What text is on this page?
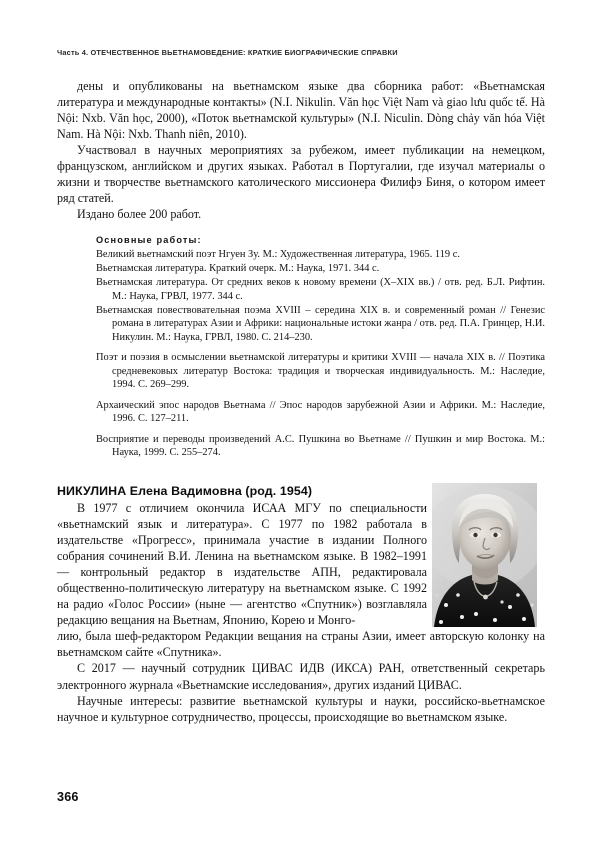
Часть 4. ОТЕЧЕСТВЕННОЕ ВЬЕТНАМОВЕДЕНИЕ: КРАТКИЕ БИОГРАФИЧЕСКИЕ СПРАВКИ

дены и опубликованы на вьетнамском языке два сборника работ: «Вьетнамская литература и международные контакты» (N.I. Nikulin. Văn học Việt Nam và giao lưu quốc tế. Hà Nội: Nxb. Văn học, 2000), «Поток вьетнамской культуры» (N.I. Niculin. Dòng chảy văn hóa Việt Nam. Hà Nội: Nxb. Thanh niên, 2010).

Участвовал в научных мероприятиях за рубежом, имеет публикации на немецком, французском, английском и других языках. Работал в Португалии, где изучал материалы о жизни и творчестве вьетнамского католического миссионера Филифэ Биня, о котором имеет ряд статей.

Издано более 200 работ.

Основные работы:
Великий вьетнамский поэт Нгуен Зу. М.: Художественная литература, 1965. 119 с.
Вьетнамская литература. Краткий очерк. М.: Наука, 1971. 344 с.
Вьетнамская литература. От средних веков к новому времени (X–XIX вв.) / отв. ред. Б.Л. Рифтин. М.: Наука, ГРВЛ, 1977. 344 с.
Вьетнамская повествовательная поэма XVIII – середина XIX в. и современный роман // Генезис романа в литературах Азии и Африки: национальные истоки жанра / отв. ред. П.А. Гринцер, Н.И. Никулин. М.: Наука, ГРВЛ, 1980. С. 214–230.
Поэт и поэзия в осмыслении вьетнамской литературы и критики XVIII — начала XIX в. // Поэтика средневековых литератур Востока: традиция и творческая индивидуальность. М.: Наследие, 1994. С. 269–299.
Архаический эпос народов Вьетнама // Эпос народов зарубежной Азии и Африки. М.: Наследие, 1996. С. 127–211.
Восприятие и переводы произведений А.С. Пушкина во Вьетнаме // Пушкин и мир Востока. М.: Наука, 1999. С. 255–274.
НИКУЛИНА Елена Вадимовна (род. 1954)

В 1977 с отличием окончила ИСАА МГУ по специальности «вьетнамский язык и литература». С 1977 по 1982 работала в издательстве «Прогресс», принимала участие в издании Полного собрания сочинений В.И. Ленина на вьетнамском языке. В 1982–1991 — контрольный редактор в издательстве АПН, редактировала общественно-политическую литературу на вьетнамском языке. С 1992 на радио «Голос России» (ныне — агентство «Спутник») возглавляла редакцию вещания на Вьетнам, Японию, Корею и Монго-

лию, была шеф-редактором Редакции вещания на страны Азии, имеет авторскую колонку на вьетнамском сайте «Спутника».

С 2017 — научный сотрудник ЦИВАС ИДВ (ИКСА) РАН, ответственный секретарь электронного журнала «Вьетнамские исследования», других изданий ЦИВАС.

Научные интересы: развитие вьетнамской культуры и науки, российско-вьетнамское научное и культурное сотрудничество, процессы, происходящие во вьетнамском языке.

366
